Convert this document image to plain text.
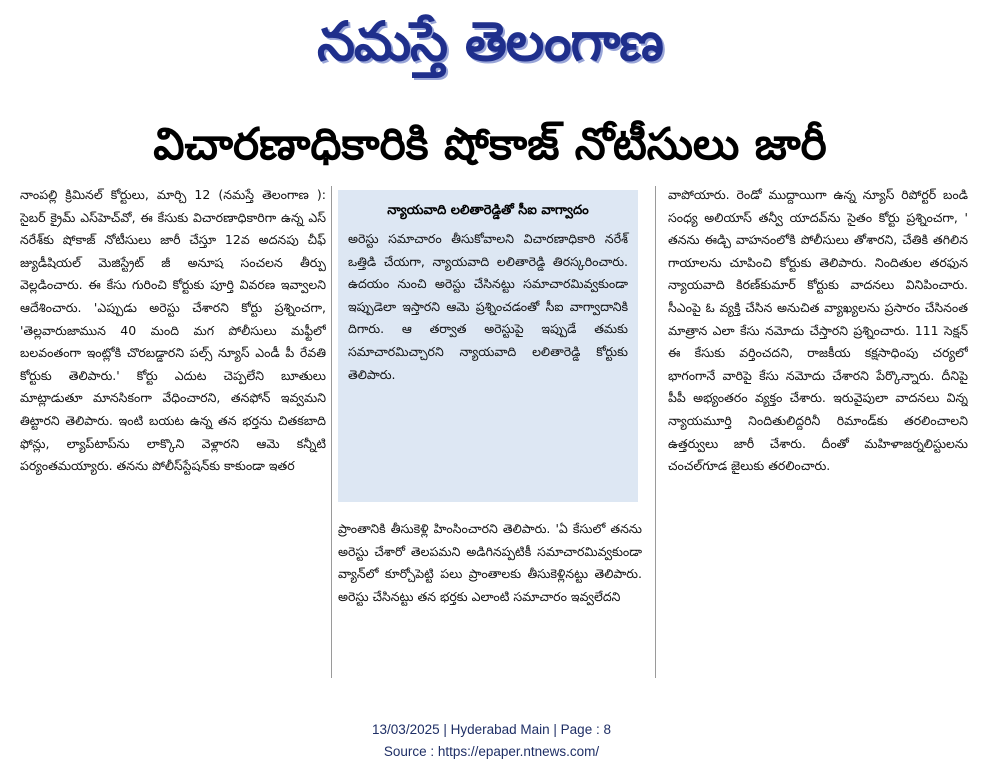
నమస్తే తెలంగాణ
విచారణాధికారికి షోకాజ్‌ నోటీసులు జారీ
నాంపల్లి క్రిమినల్‌ కోర్టులు, మార్చి 12 (నమస్తే తెలంగాణ ): సైబర్‌ క్రైమ్‌ ఎస్‌హెచ్‌వో, ఈ కేసుకు విచారణాధికారిగా ఉన్న ఎస్‌ నరేశ్‌కు షోకాజ్‌ నోటీసులు జారీ చేస్తూ 12వ అదనపు చీఫ్‌ జ్యుడీషియల్‌ మెజిస్ట్రేట్‌ జీ అనూష సంచలన తీర్పు వెల్లడించారు. ఈ కేసు గురించి కోర్టుకు పూర్తి వివరణ ఇవ్వాలని ఆదేశించారు. 'ఎప్పుడు అరెస్టు చేశారని కోర్టు ప్రశ్నించగా, 'తెల్లవారుజామున 40 మంది మగ పోలీసులు మఫ్టీలో బలవంతంగా ఇంట్లోకి చొరబడ్డారని పల్స్‌ న్యూస్‌ ఎండీ పీ రేవతి కోర్టుకు తెలిపారు.' కోర్టు ఎదుట చెప్పలేని బూతులు మాట్లాడుతూ మానసికంగా వేధించారని, తనఫోన్‌ ఇవ్వమని తిట్టారని తెలిపారు. ఇంటి బయట ఉన్న తన భర్తను చితకబాది ఫోన్లు, ల్యాప్‌టాప్‌ను లాక్కొని వెళ్లారని ఆమె కన్నీటి పర్యంతమయ్యారు. తనను పోలీస్‌స్టేషన్‌కు కాకుండా ఇతర
న్యాయవాది లలితారెడ్డితో సీఐ వాగ్వాదం
అరెస్టు సమాచారం తీసుకోవాలని విచారణాధికారి నరేశ్‌ ఒత్తిడి చేయగా, న్యాయవాది లలితారెడ్డి తిరస్కరించారు. ఉదయం నుంచి అరెస్టు చేసినట్టు సమాచారమివ్వకుండా ఇప్పుడెలా ఇస్తారని ఆమె ప్రశ్నించడంతో సీఐ వాగ్వాదానికి దిగారు. ఆ తర్వాత అరెస్టుపై ఇప్పుడే తమకు సమాచారమిచ్చారని న్యాయవాది లలితారెడ్డి కోర్టుకు తెలిపారు.
ప్రాంతానికి తీసుకెళ్లి హింసించారని తెలిపారు. 'ఏ కేసులో తనను అరెస్టు చేశారో తెలపమని అడిగినప్పటికీ సమాచారమివ్వకుండా వ్యాన్‌లో కూర్చోపెట్టి పలు ప్రాంతాలకు తీసుకెళ్లినట్టు తెలిపారు. అరెస్టు చేసినట్టు తన భర్తకు ఎలాంటి సమాచారం ఇవ్వలేదని
వాపోయారు. రెండో ముద్దాయిగా ఉన్న న్యూస్‌ రిపోర్టర్‌ బండి సంధ్య అలియాస్‌ తన్వీ యాదవ్‌ను సైతం కోర్టు ప్రశ్నించగా, ' తనను ఈడ్చి వాహనంలోకి పోలీసులు తోశారని, చేతికి తగిలిన గాయాలను చూపించి కోర్టుకు తెలిపారు. నిందితుల తరఫున న్యాయవాది కిరణ్‌కుమార్‌ కోర్టుకు వాదనలు వినిపించారు. సీఎంపై ఓ వ్యక్తి చేసిన అనుచిత వ్యాఖ్యలను ప్రసారం చేసినంత మాత్రాన ఎలా కేసు నమోదు చేస్తారని ప్రశ్నించారు. 111 సెక్షన్‌ ఈ కేసుకు వర్తించదని, రాజకీయ కక్షసాధింపు చర్యలో భాగంగానే వారిపై కేసు నమోదు చేశారని పేర్కొన్నారు. దీనిపై పీపీ అభ్యంతరం వ్యక్తం చేశారు. ఇరువైపులా వాదనలు విన్న న్యాయమూర్తి నిందితులిద్దరినీ రిమాండ్‌కు తరలించాలని ఉత్తర్వులు జారీ చేశారు. దీంతో మహిళాజర్నలిస్టులను చంచల్‌గూడ జైలుకు తరలించారు.
13/03/2025 | Hyderabad Main | Page : 8
Source : https://epaper.ntnews.com/
